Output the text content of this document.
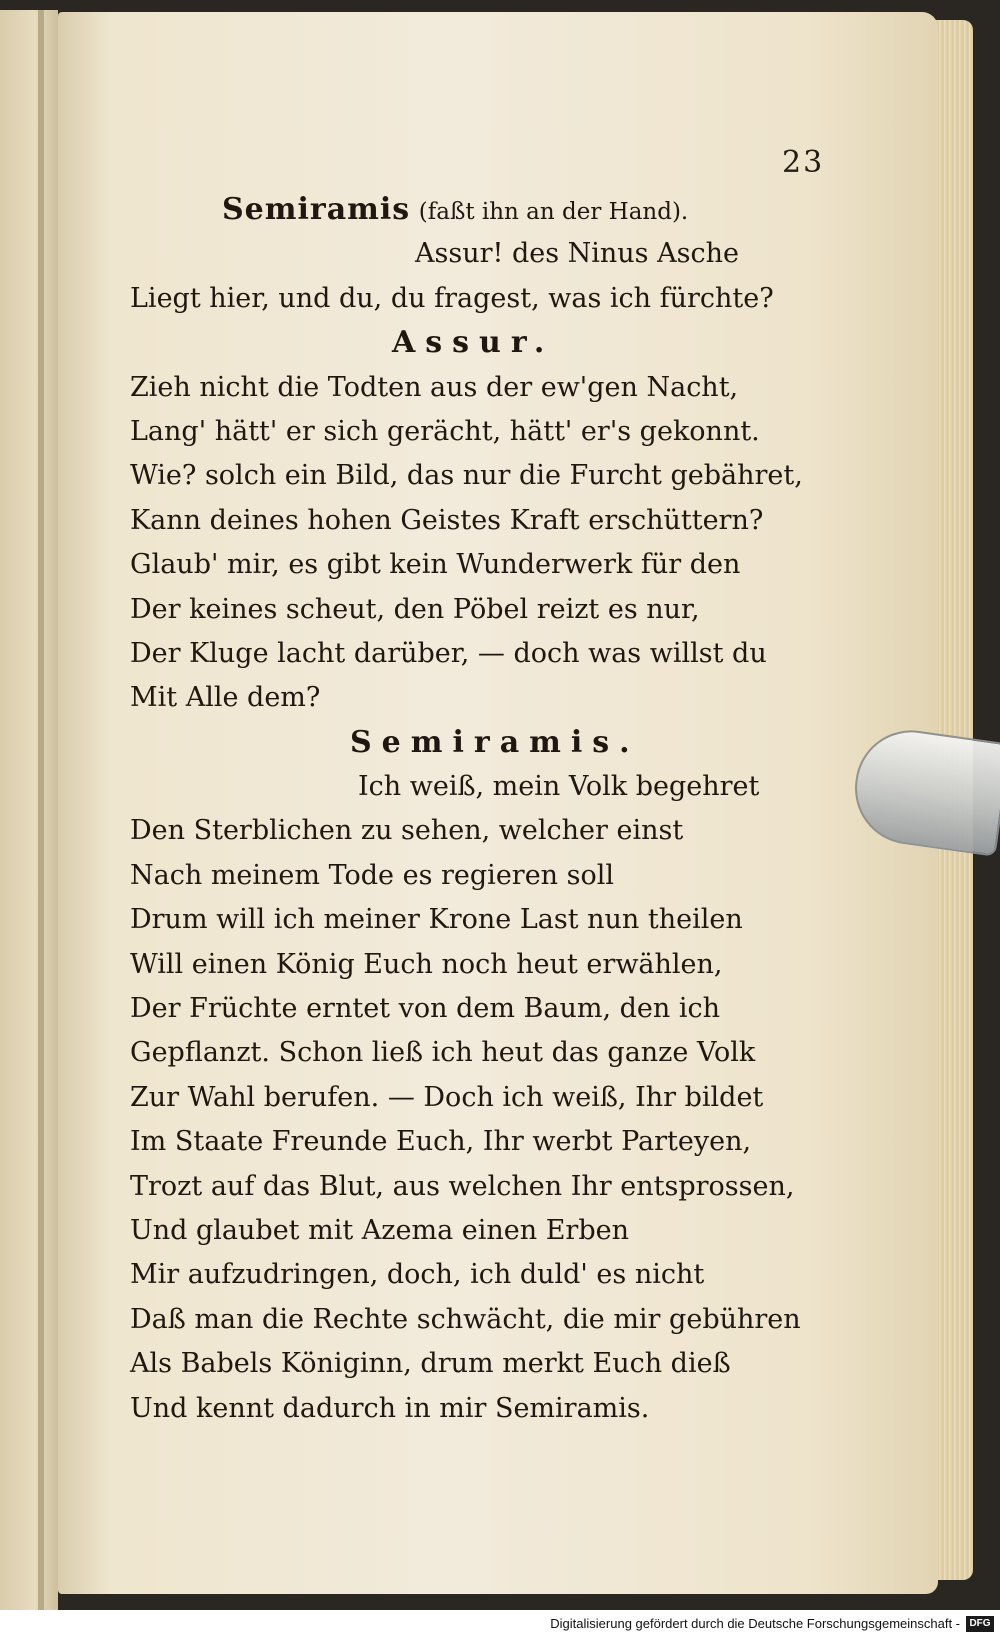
23
Semiramis (faßt ihn an der Hand).
Assur! des Ninus Asche
Liegt hier, und du, du fragest, was ich fürchte?
Assur.
Zieh nicht die Todten aus der ew'gen Nacht,
Lang' hätt' er sich gerächt, hätt' er's gekonnt.
Wie? solch ein Bild, das nur die Furcht gebähret,
Kann deines hohen Geistes Kraft erschüttern?
Glaub' mir, es gibt kein Wunderwerk für den
Der keines scheut, den Pöbel reizt es nur,
Der Kluge lacht darüber, — doch was willst du
Mit Alle dem?
Semiramis.
Ich weiß, mein Volk begehret
Den Sterblichen zu sehen, welcher einst
Nach meinem Tode es regieren soll
Drum will ich meiner Krone Last nun theilen
Will einen König Euch noch heut erwählen,
Der Früchte erntet von dem Baum, den ich
Gepflanzt. Schon ließ ich heut das ganze Volk
Zur Wahl berufen. — Doch ich weiß, Ihr bildet
Im Staate Freunde Euch, Ihr werbt Parteyen,
Trozt auf das Blut, aus welchen Ihr entsprossen,
Und glaubet mit Azema einen Erben
Mir aufzudringen, doch, ich duld' es nicht
Daß man die Rechte schwächt, die mir gebühren
Als Babels Königinn, drum merkt Euch dieß
Und kennt dadurch in mir Semiramis.
Digitalisierung gefördert durch die Deutsche Forschungsgemeinschaft - DFG
